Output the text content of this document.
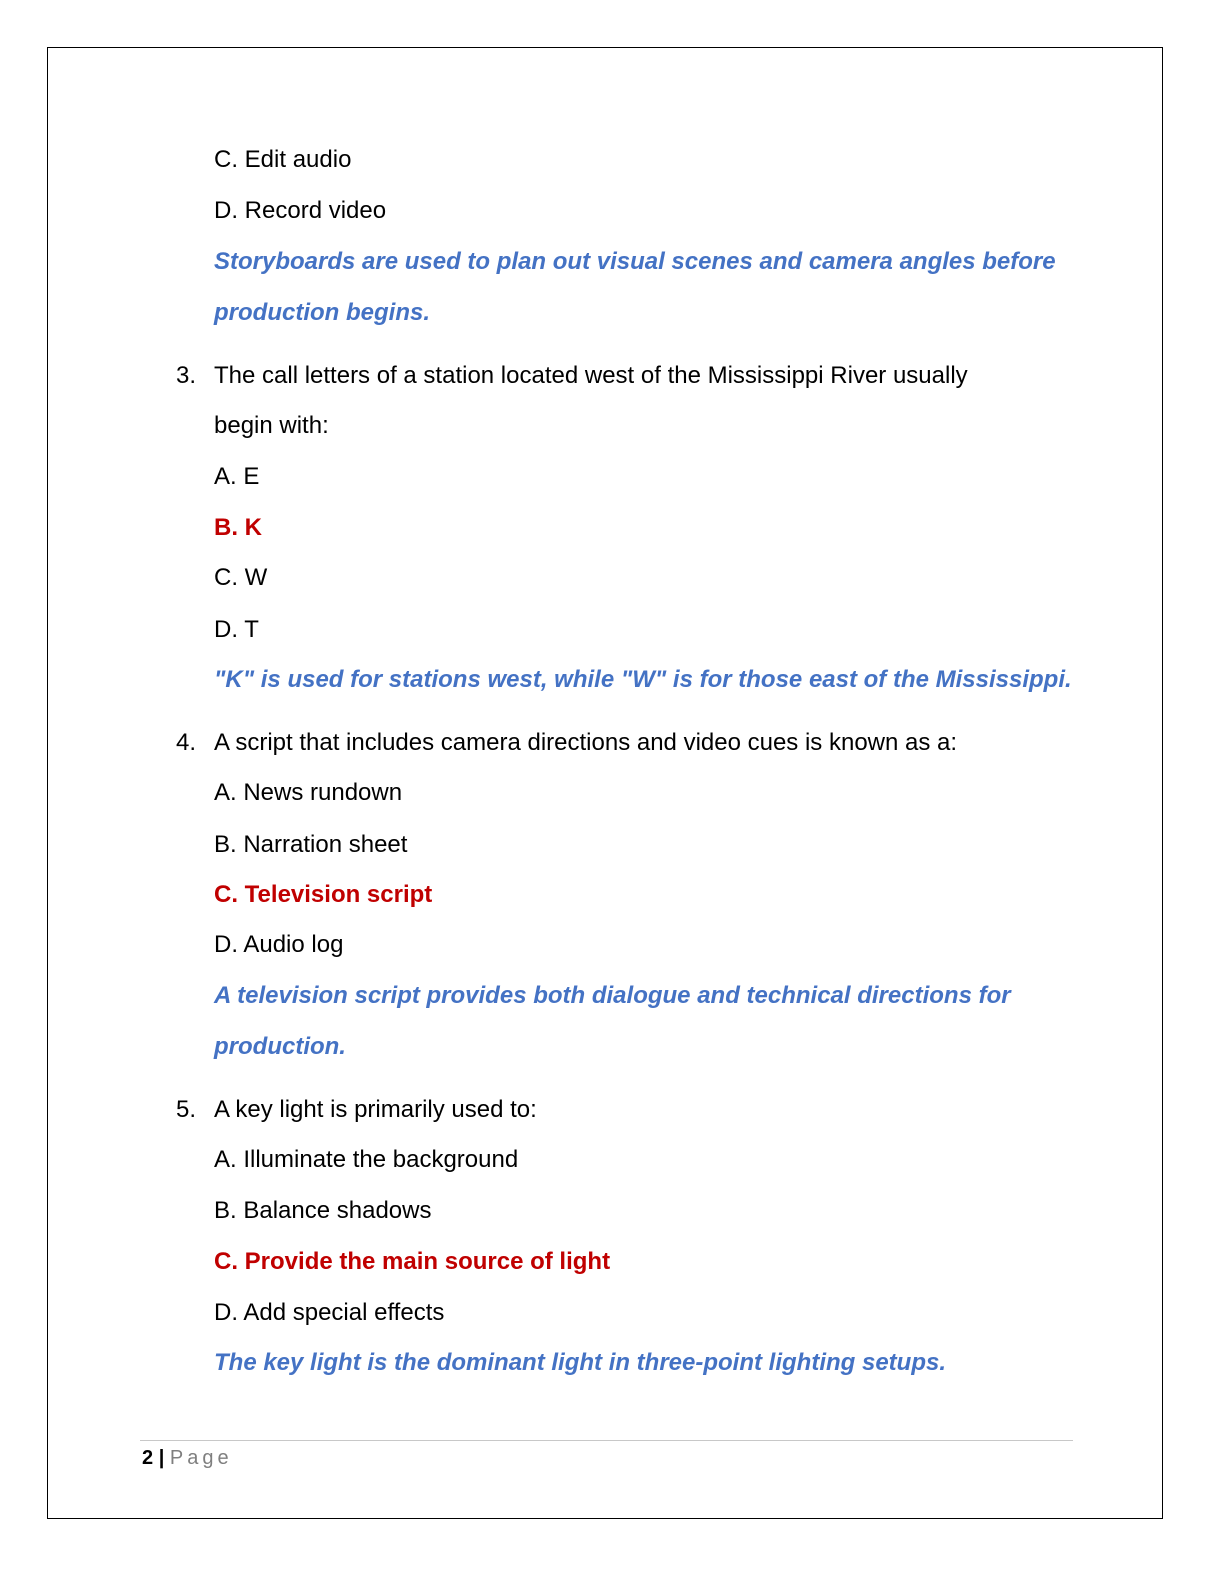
C. Edit audio
D. Record video
Storyboards are used to plan out visual scenes and camera angles before
production begins.
3. The call letters of a station located west of the Mississippi River usually
begin with:
A. E
B. K
C. W
D. T
"K" is used for stations west, while "W" is for those east of the Mississippi.
4. A script that includes camera directions and video cues is known as a:
A. News rundown
B. Narration sheet
C. Television script
D. Audio log
A television script provides both dialogue and technical directions for
production.
5. A key light is primarily used to:
A. Illuminate the background
B. Balance shadows
C. Provide the main source of light
D. Add special effects
The key light is the dominant light in three-point lighting setups.
2 | Page
